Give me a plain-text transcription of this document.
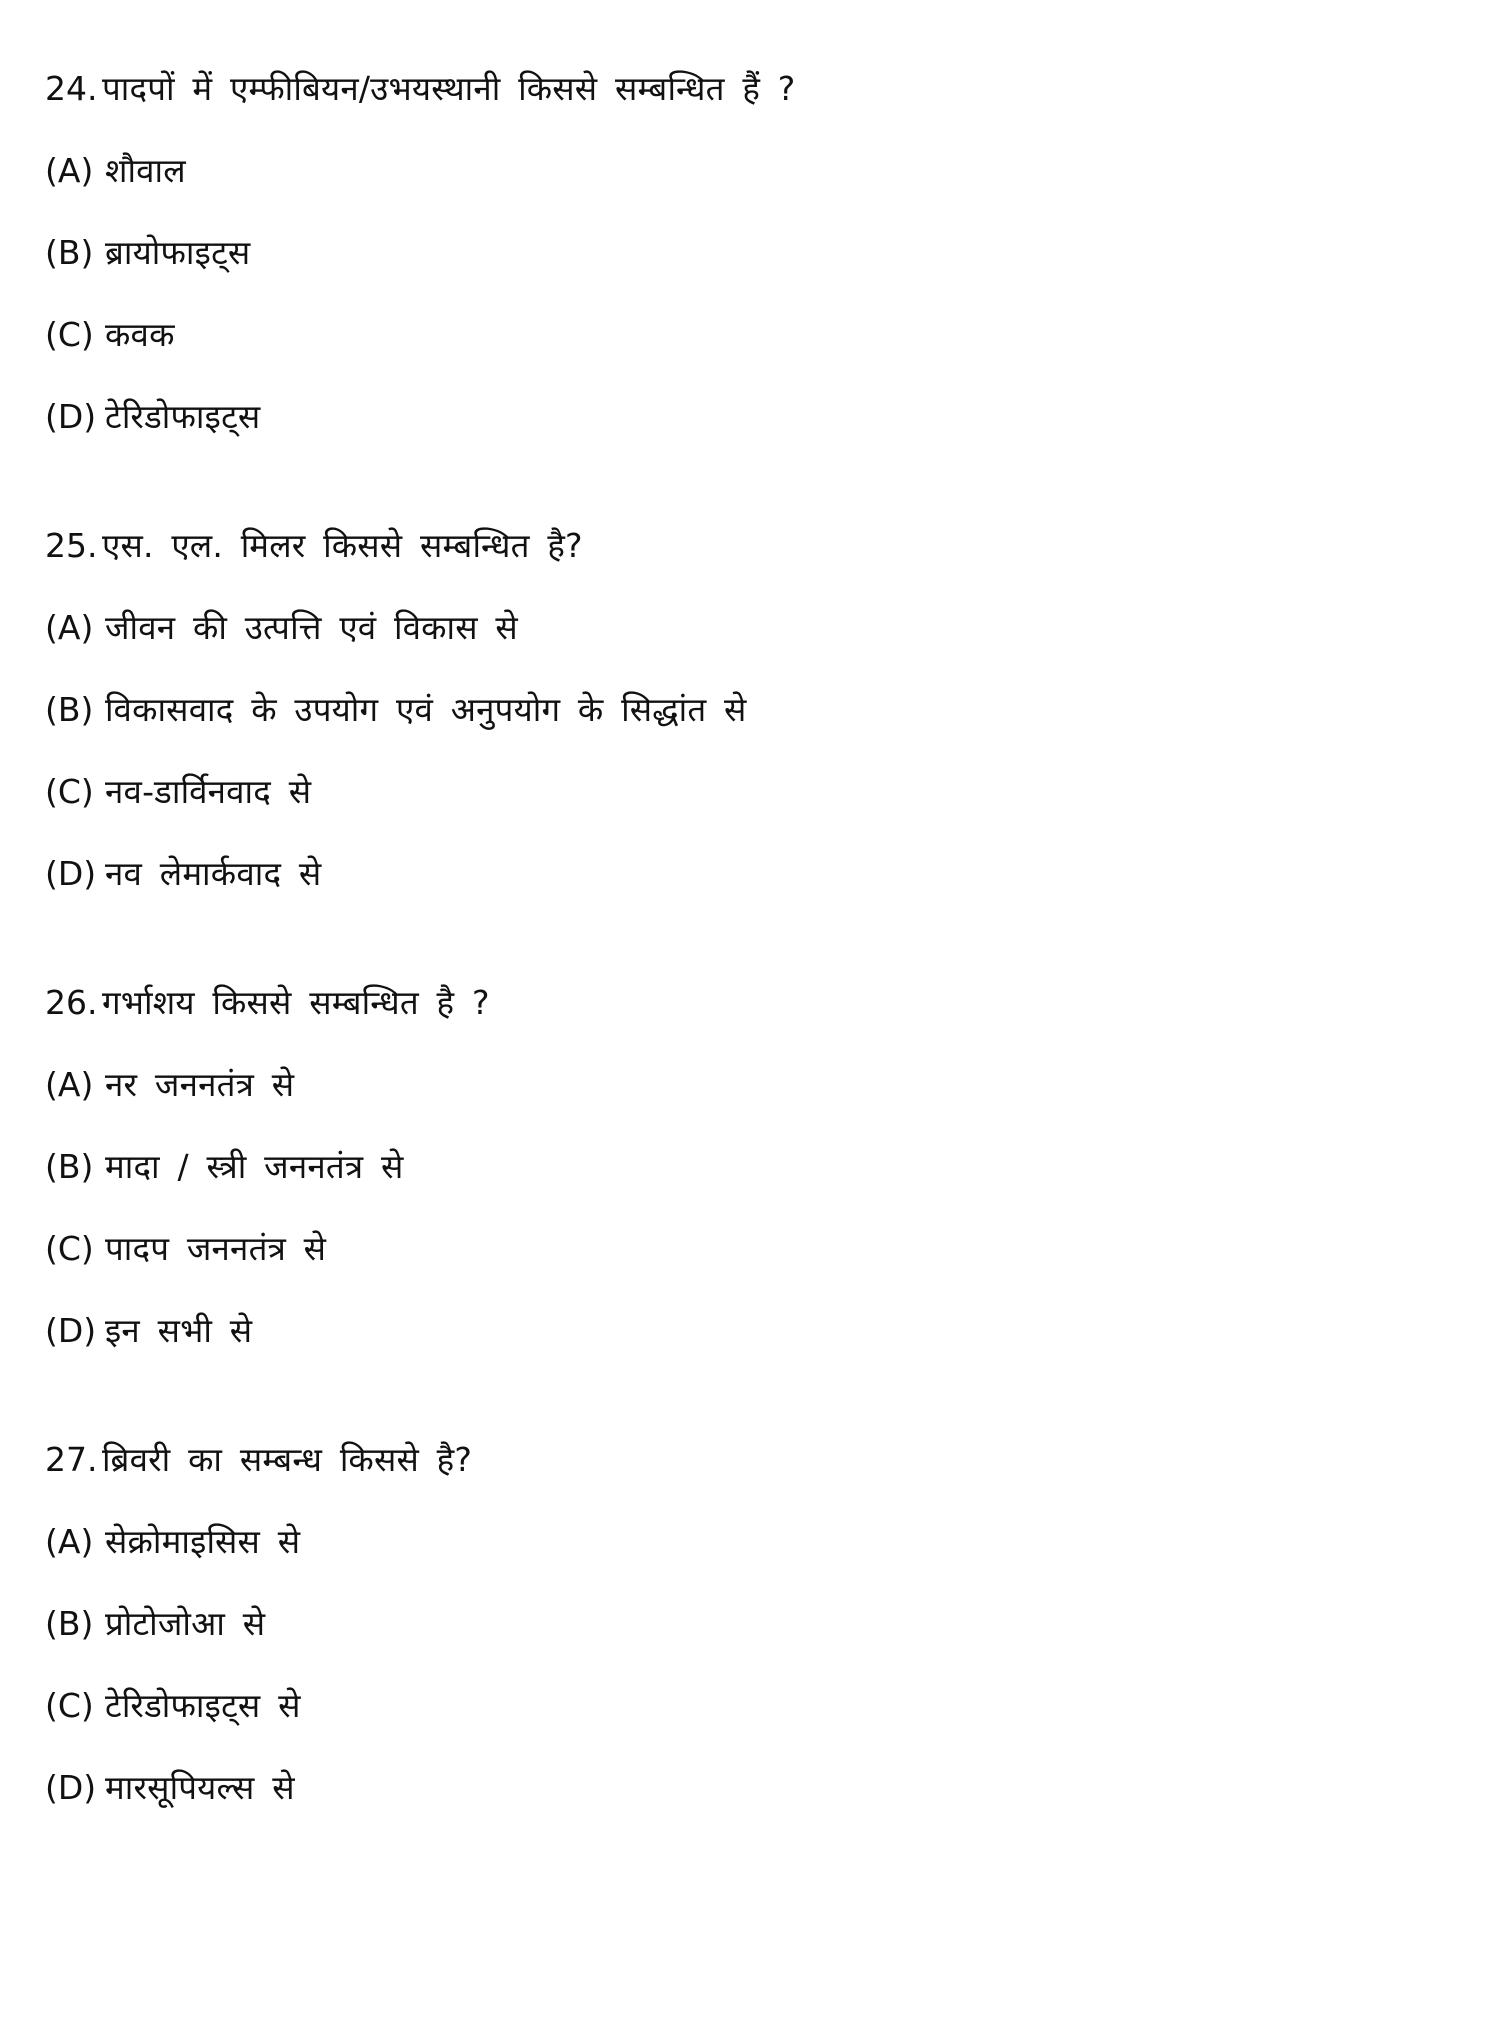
24. पादपों में एम्फीबियन/उभयस्थानी किससे सम्बन्धित हैं ?
(A) शौवाल
(B) ब्रायोफाइट्स
(C) कवक
(D) टेरिडोफाइट्स
25. एस. एल. मिलर किससे सम्बन्धित है?
(A) जीवन की उत्पत्ति एवं विकास से
(B) विकासवाद के उपयोग एवं अनुपयोग के सिद्धांत से
(C) नव-डार्विनवाद से
(D) नव लेमार्कवाद से
26. गर्भाशय किससे सम्बन्धित है ?
(A) नर जननतंत्र से
(B) मादा / स्त्री जननतंत्र से
(C) पादप जननतंत्र से
(D) इन सभी से
27. ब्रिवरी का सम्बन्ध किससे है?
(A) सेक्रोमाइसिस से
(B) प्रोटोजोआ से
(C) टेरिडोफाइट्स से
(D) मारसूपियल्स से
